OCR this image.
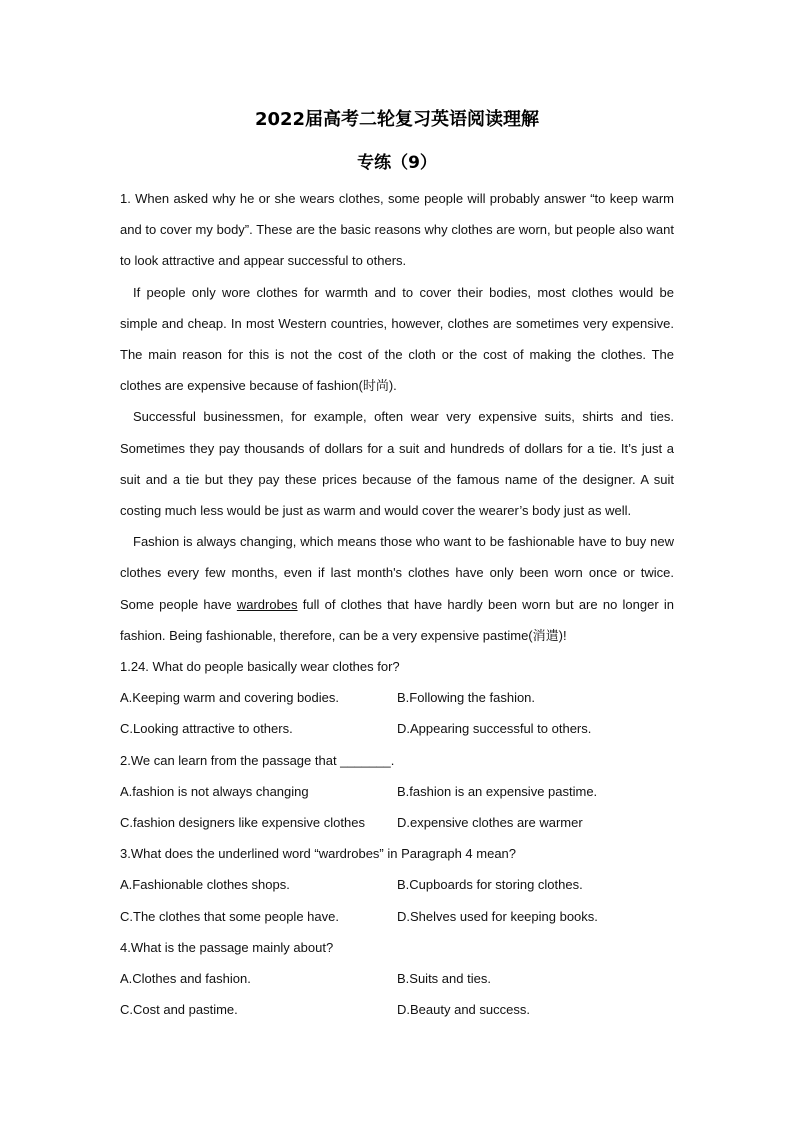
2022届高考二轮复习英语阅读理解
专练（9）

1. When asked why he or she wears clothes, some people will probably answer “to keep warm and to cover my body”. These are the basic reasons why clothes are worn, but people also want to look attractive and appear successful to others.

If people only wore clothes for warmth and to cover their bodies, most clothes would be simple and cheap. In most Western countries, however, clothes are sometimes very expensive. The main reason for this is not the cost of the cloth or the cost of making the clothes. The clothes are expensive because of fashion(时尚).

Successful businessmen, for example, often wear very expensive suits, shirts and ties. Sometimes they pay thousands of dollars for a suit and hundreds of dollars for a tie. It’s just a suit and a tie but they pay these prices because of the famous name of the designer. A suit costing much less would be just as warm and would cover the wearer’s body just as well.

Fashion is always changing, which means those who want to be fashionable have to buy new clothes every few months, even if last month's clothes have only been worn once or twice. Some people have wardrobes full of clothes that have hardly been worn but are no longer in fashion. Being fashionable, therefore, can be a very expensive pastime(消遣)!

1.24. What do people basically wear clothes for?

A.Keeping warm and covering bodies.	B.Following the fashion.
C.Looking attractive to others.	D.Appearing successful to others.

2.We can learn from the passage that _______.

A.fashion is not always changing	B.fashion is an expensive pastime.
C.fashion designers like expensive clothes	D.expensive clothes are warmer

3.What does the underlined word “wardrobes” in Paragraph 4 mean?

A.Fashionable clothes shops.	B.Cupboards for storing clothes.
C.The clothes that some people have.	D.Shelves used for keeping books.

4.What is the passage mainly about?

A.Clothes and fashion.	B.Suits and ties.
C.Cost and pastime.	D.Beauty and success.
